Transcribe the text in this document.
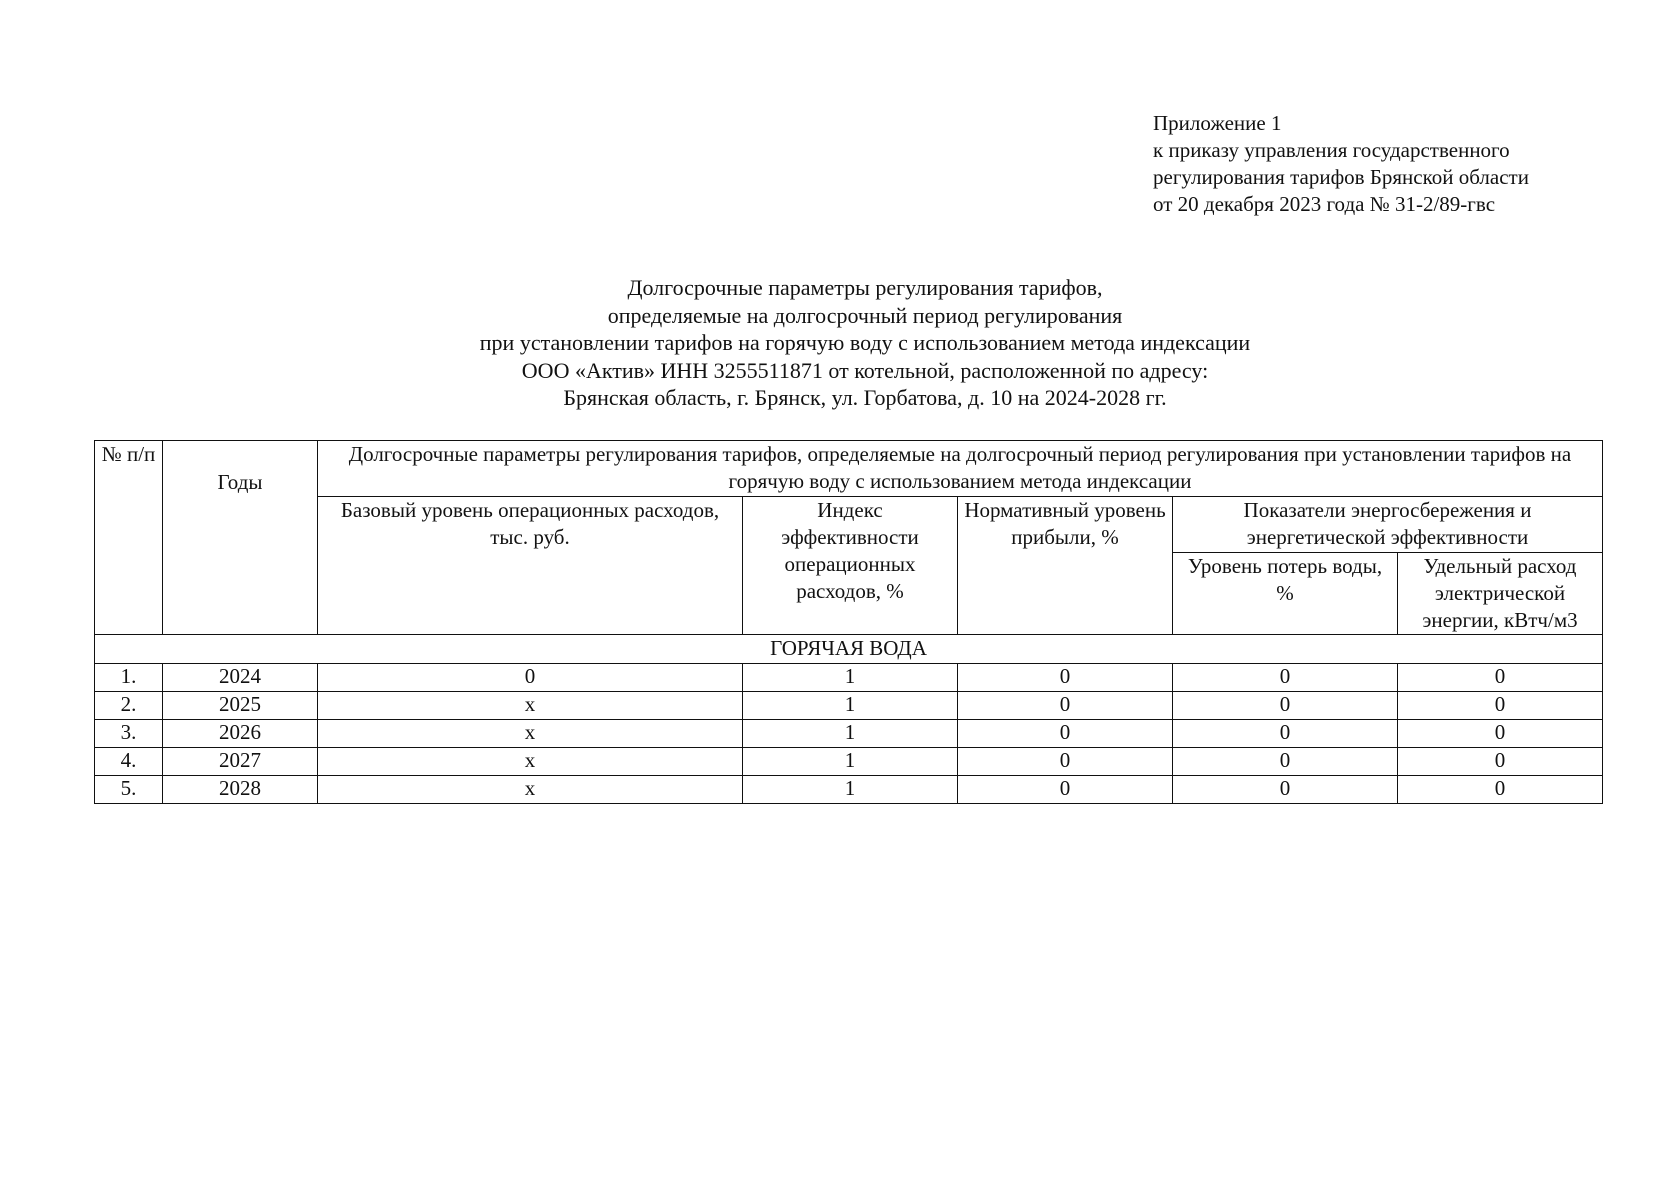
Приложение 1
к приказу управления государственного
регулирования тарифов Брянской области
от 20 декабря 2023 года № 31-2/89-гвс
Долгосрочные параметры регулирования тарифов,
определяемые на долгосрочный период регулирования
при установлении тарифов на горячую воду с использованием метода индексации
ООО «Актив» ИНН 3255511871 от котельной, расположенной по адресу:
Брянская область, г. Брянск, ул. Горбатова, д. 10 на 2024-2028 гг.
№ п/п	Годы	Долгосрочные параметры регулирования тарифов, определяемые на долгосрочный период регулирования при установлении тарифов на горячую воду с использованием метода индексации				
		Базовый уровень операционных расходов, тыс. руб.	Индекс эффективности операционных расходов, %	Нормативный уровень прибыли, %	Показатели энергосбережения и энергетической эффективности	
					Уровень потерь воды, %	Удельный расход электрической энергии, кВтч/м3
ГОРЯЧАЯ ВОДА						
1.	2024	0	1	0	0	0
2.	2025	х	1	0	0	0
3.	2026	х	1	0	0	0
4.	2027	х	1	0	0	0
5.	2028	х	1	0	0	0
